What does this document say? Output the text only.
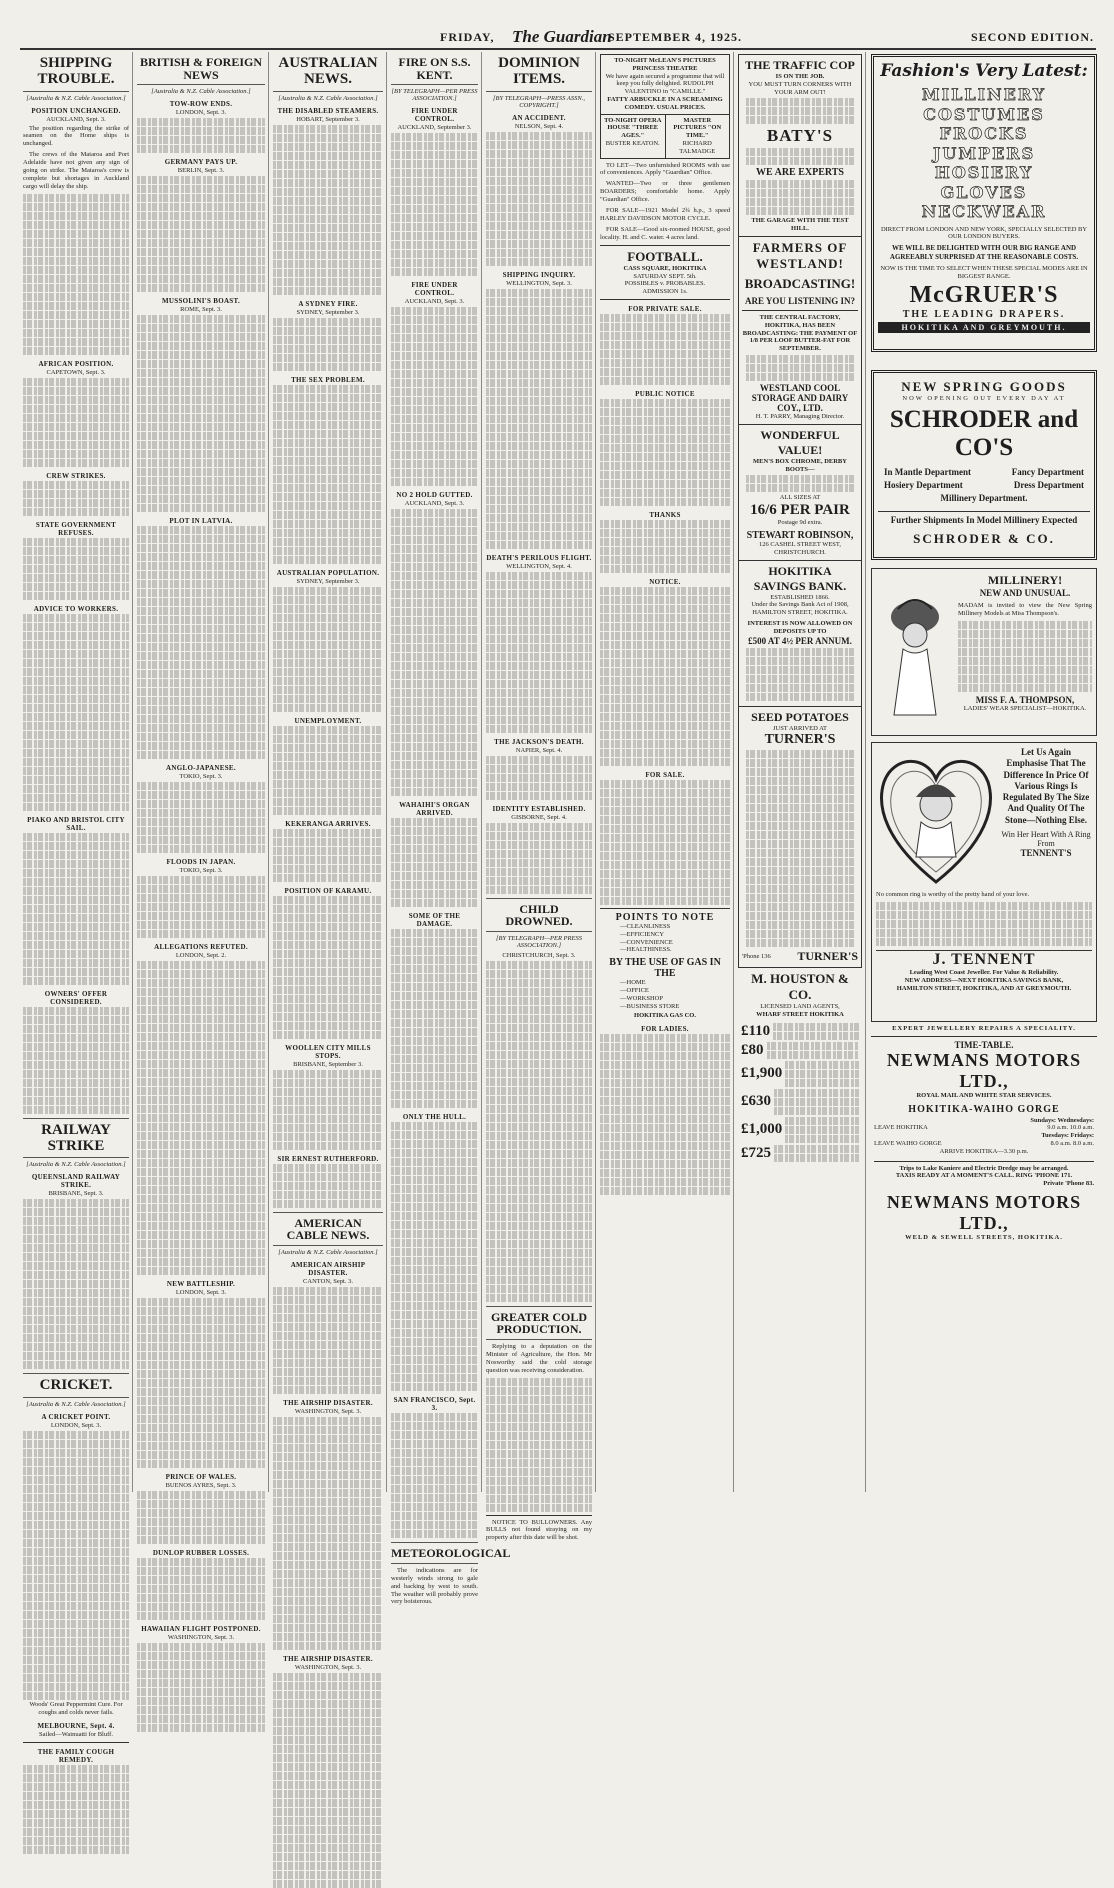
FRIDAY, The Guardian
SEPTEMBER 4, 1925.	SECOND EDITION.
SHIPPING TROUBLE.
[Australia & N.Z. Cable Association.]
POSITION UNCHANGED.
AUCKLAND, Sept. 3.

The position regarding the strike of seamen on the Home ships is unchanged.

The crews of the Mataroa and Port Adelaide have not given any sign of going on strike. The Mataroa's crew is complete but shortages in Auckland cargo will delay the ship.

AFRICAN POSITION.
CAPETOWN, Sept. 3.
CREW STRIKES.
STATE GOVERNMENT REFUSES.
ADVICE TO WORKERS.
PIAKO AND BRISTOL CITY SAIL.
OWNERS' OFFER CONSIDERED.
RAILWAY STRIKE
[Australia & N.Z. Cable Association.]
QUEENSLAND RAILWAY STRIKE.
BRISBANE, Sept. 3.
CRICKET.
[Australia & N.Z. Cable Association.]
A CRICKET POINT.
LONDON, Sept. 3.

Woods' Great Peppermint Cure. For coughs and colds never fails.

MELBOURNE, Sept. 4.

Sailed—Wainuatti for Bluff.

THE FAMILY COUGH REMEDY.
BRITISH & FOREIGN NEWS
[Australia & N.Z. Cable Association.]
TOW-ROW ENDS.
LONDON, Sept. 3.
GERMANY PAYS UP.
BERLIN, Sept. 3.
MUSSOLINI'S BOAST.
ROME, Sept. 3.
PLOT IN LATVIA.
ANGLO-JAPANESE.
TOKIO, Sept. 3.
FLOODS IN JAPAN.
TOKIO, Sept. 3.
ALLEGATIONS REFUTED.
LONDON, Sept. 2.
NEW BATTLESHIP.
LONDON, Sept. 3.
PRINCE OF WALES.
BUENOS AYRES, Sept. 3.
DUNLOP RUBBER LOSSES.
HAWAIIAN FLIGHT POSTPONED.
WASHINGTON, Sept. 3.
AUSTRALIAN NEWS.
[Australia & N.Z. Cable Association.]
THE DISABLED STEAMERS.
HOBART, September 3.
A SYDNEY FIRE.
SYDNEY, September 3.
THE SEX PROBLEM.
AUSTRALIAN POPULATION.
SYDNEY, September 3.
UNEMPLOYMENT.
KEKERANGA ARRIVES.
POSITION OF KARAMU.
WOOLLEN CITY MILLS STOPS.
BRISBANE, September 3.
SIR ERNEST RUTHERFORD.
AMERICAN CABLE NEWS.
[Australia & N.Z. Cable Association.]
AMERICAN AIRSHIP DISASTER.
CANTON, Sept. 3.
THE AIRSHIP DISASTER.
WASHINGTON, Sept. 3.
THE AIRSHIP DISASTER.
WASHINGTON, Sept. 3.
FIRE ON S.S. KENT.
[BY TELEGRAPH—PER PRESS ASSOCIATION.]
FIRE UNDER CONTROL.
AUCKLAND, September 3.
FIRE UNDER CONTROL.
AUCKLAND, Sept. 3.
NO 2 HOLD GUTTED.
AUCKLAND, Sept. 3.
WAHAIHI'S ORGAN ARRIVED.
SOME OF THE DAMAGE.
ONLY THE HULL.
SAN FRANCISCO, Sept. 3.
METEOROLOGICAL

The indications are for westerly winds strong to gale and backing by west to south. The weather will probably prove very boisterous.

DOMINION ITEMS.
[BY TELEGRAPH—PRESS ASSN., COPYRIGHT.]
AN ACCIDENT.
NELSON, Sept. 4.
SHIPPING INQUIRY.
WELLINGTON, Sept. 3.
DEATH'S PERILOUS FLIGHT.
WELLINGTON, Sept. 4.
THE JACKSON'S DEATH.
NAPIER, Sept. 4.
IDENTITY ESTABLISHED.
GISBORNE, Sept. 4.
CHILD DROWNED.
[BY TELEGRAPH—PER PRESS ASSOCIATION.]
CHRISTCHURCH, Sept. 3.
GREATER COLD PRODUCTION.

Replying to a deputation on the Minister of Agriculture, the Hon. Mr Nosworthy said the cold storage question was receiving consideration.

NOTICE TO BULLOWNERS. Any BULLS not found straying on my property after this date will be shot.

TO-NIGHT McLEAN'S PICTURES PRINCESS THEATRE
We have again secured a programme that will keep you fully delighted. RUDOLPH VALENTINO in "CAMILLE."
FATTY ARBUCKLE IN A SCREAMING COMEDY. USUAL PRICES.
TO-NIGHT OPERA HOUSE "THREE AGES."
BUSTER KEATON.
MASTER PICTURES "ON TIME."
RICHARD TALMADGE

TO LET—Two unfurnished ROOMS with use of conveniences. Apply "Guardian" Office.

WANTED—Two or three gentlemen BOARDERS; comfortable home. Apply "Guardian" Office.

FOR SALE—1921 Model 2¾ h.p., 3 speed HARLEY DAVIDSON MOTOR CYCLE.

FOR SALE—Good six-roomed HOUSE, good locality. H. and C. water. 4 acres land.

FOOTBALL.
CASS SQUARE, HOKITIKA
SATURDAY SEPT. 5th.
POSSIBLES v. PROBABLES.
ADMISSION 1s.
FOR PRIVATE SALE.
PUBLIC NOTICE
THANKS
NOTICE.
FOR SALE.
POINTS TO NOTE
—CLEANLINESS
—EFFICIENCY
—CONVENIENCE
—HEALTHINESS.
BY THE USE OF GAS IN THE
—HOME
—OFFICE
—WORKSHOP
—BUSINESS STORE
HOKITIKA GAS CO.
FOR LADIES.
THE TRAFFIC COP
IS ON THE JOB.
YOU MUST TURN CORNERS WITH YOUR ARM OUT!
BATY'S
WE ARE EXPERTS
THE GARAGE WITH THE TEST HILL.
FARMERS OF
WESTLAND!
BROADCASTING!
ARE YOU LISTENING IN?
THE CENTRAL FACTORY, HOKITIKA, HAS BEEN BROADCASTING: THE PAYMENT OF 1/8 PER LOOF BUTTER-FAT FOR SEPTEMBER.
WESTLAND COOL STORAGE AND DAIRY COY., LTD.
H. T. PARRY, Managing Director.
WONDERFUL VALUE!
MEN'S BOX CHROME, DERBY BOOTS—
ALL SIZES AT
16/6 PER PAIR
Postage 9d extra.
STEWART ROBINSON,
126 CASHEL STREET WEST, CHRISTCHURCH.
HOKITIKA SAVINGS BANK.
ESTABLISHED 1866.
Under the Savings Bank Act of 1908, HAMILTON STREET, HOKITIKA.
INTEREST IS NOW ALLOWED ON DEPOSITS UP TO
£500 AT 4½ PER ANNUM.
SEED POTATOES
JUST ARRIVED AT
TURNER'S
'Phone 136 TURNER'S
M. HOUSTON & CO.
LICENSED LAND AGENTS,
WHARF STREET HOKITIKA
£110
£80
£1,900
£630
£1,000
£725
Fashion's Very Latest:
MILLINERY
COSTUMES
FROCKS
JUMPERS
HOSIERY
GLOVES
NECKWEAR
DIRECT FROM LONDON AND NEW YORK, SPECIALLY SELECTED BY OUR LONDON BUYERS.
WE WILL BE DELIGHTED WITH OUR BIG RANGE AND AGREEABLY SURPRISED AT THE REASONABLE COSTS.
NOW IS THE TIME TO SELECT WHEN THESE SPECIAL MODES ARE IN BIGGEST RANGE.
McGRUER'S
THE LEADING DRAPERS.
HOKITIKA AND GREYMOUTH.
NEW SPRING GOODS
NOW OPENING OUT EVERY DAY AT
SCHRODER and CO'S
In Mantle Department	Fancy Department
Hosiery Department	Dress Department
Millinery Department.
Further Shipments In Model Millinery Expected
SCHRODER & CO.
MILLINERY!
NEW AND UNUSUAL.

MADAM is invited to view the New Spring Millinery Models at Miss Thompson's.

MISS F. A. THOMPSON,
LADIES' WEAR SPECIALIST—HOKITIKA.
Let Us Again Emphasise That The Difference In Price Of Various Rings Is Regulated By The Size And Quality Of The Stone—Nothing Else.
Win Her Heart With A Ring From
TENNENT'S

No common ring is worthy of the pretty hand of your love.

J. TENNENT
Leading West Coast Jeweller. For Value & Reliability.
NEW ADDRESS—NEXT HOKITIKA SAVINGS BANK,
HAMILTON STREET, HOKITIKA, AND AT GREYMOUTH.
EXPERT JEWELLERY REPAIRS A SPECIALITY.
TIME-TABLE.
NEWMANS MOTORS LTD.,
ROYAL MAIL AND WHITE STAR SERVICES.
HOKITIKA-WAIHO GORGE
Sundays: Wednesdays:
LEAVE HOKITIKA	9.0 a.m. 10.0 a.m.
Tuesdays: Fridays:
LEAVE WAIHO GORGE	8.0 a.m. 8.0 a.m.
ARRIVE HOKITIKA—3.30 p.m.
Trips to Lake Kaniere and Electric Dredge may be arranged.
TAXIS READY AT A MOMENT'S CALL. RING 'PHONE 171.
Private 'Phone 83.
NEWMANS MOTORS LTD.,
WELD & SEWELL STREETS, HOKITIKA.
